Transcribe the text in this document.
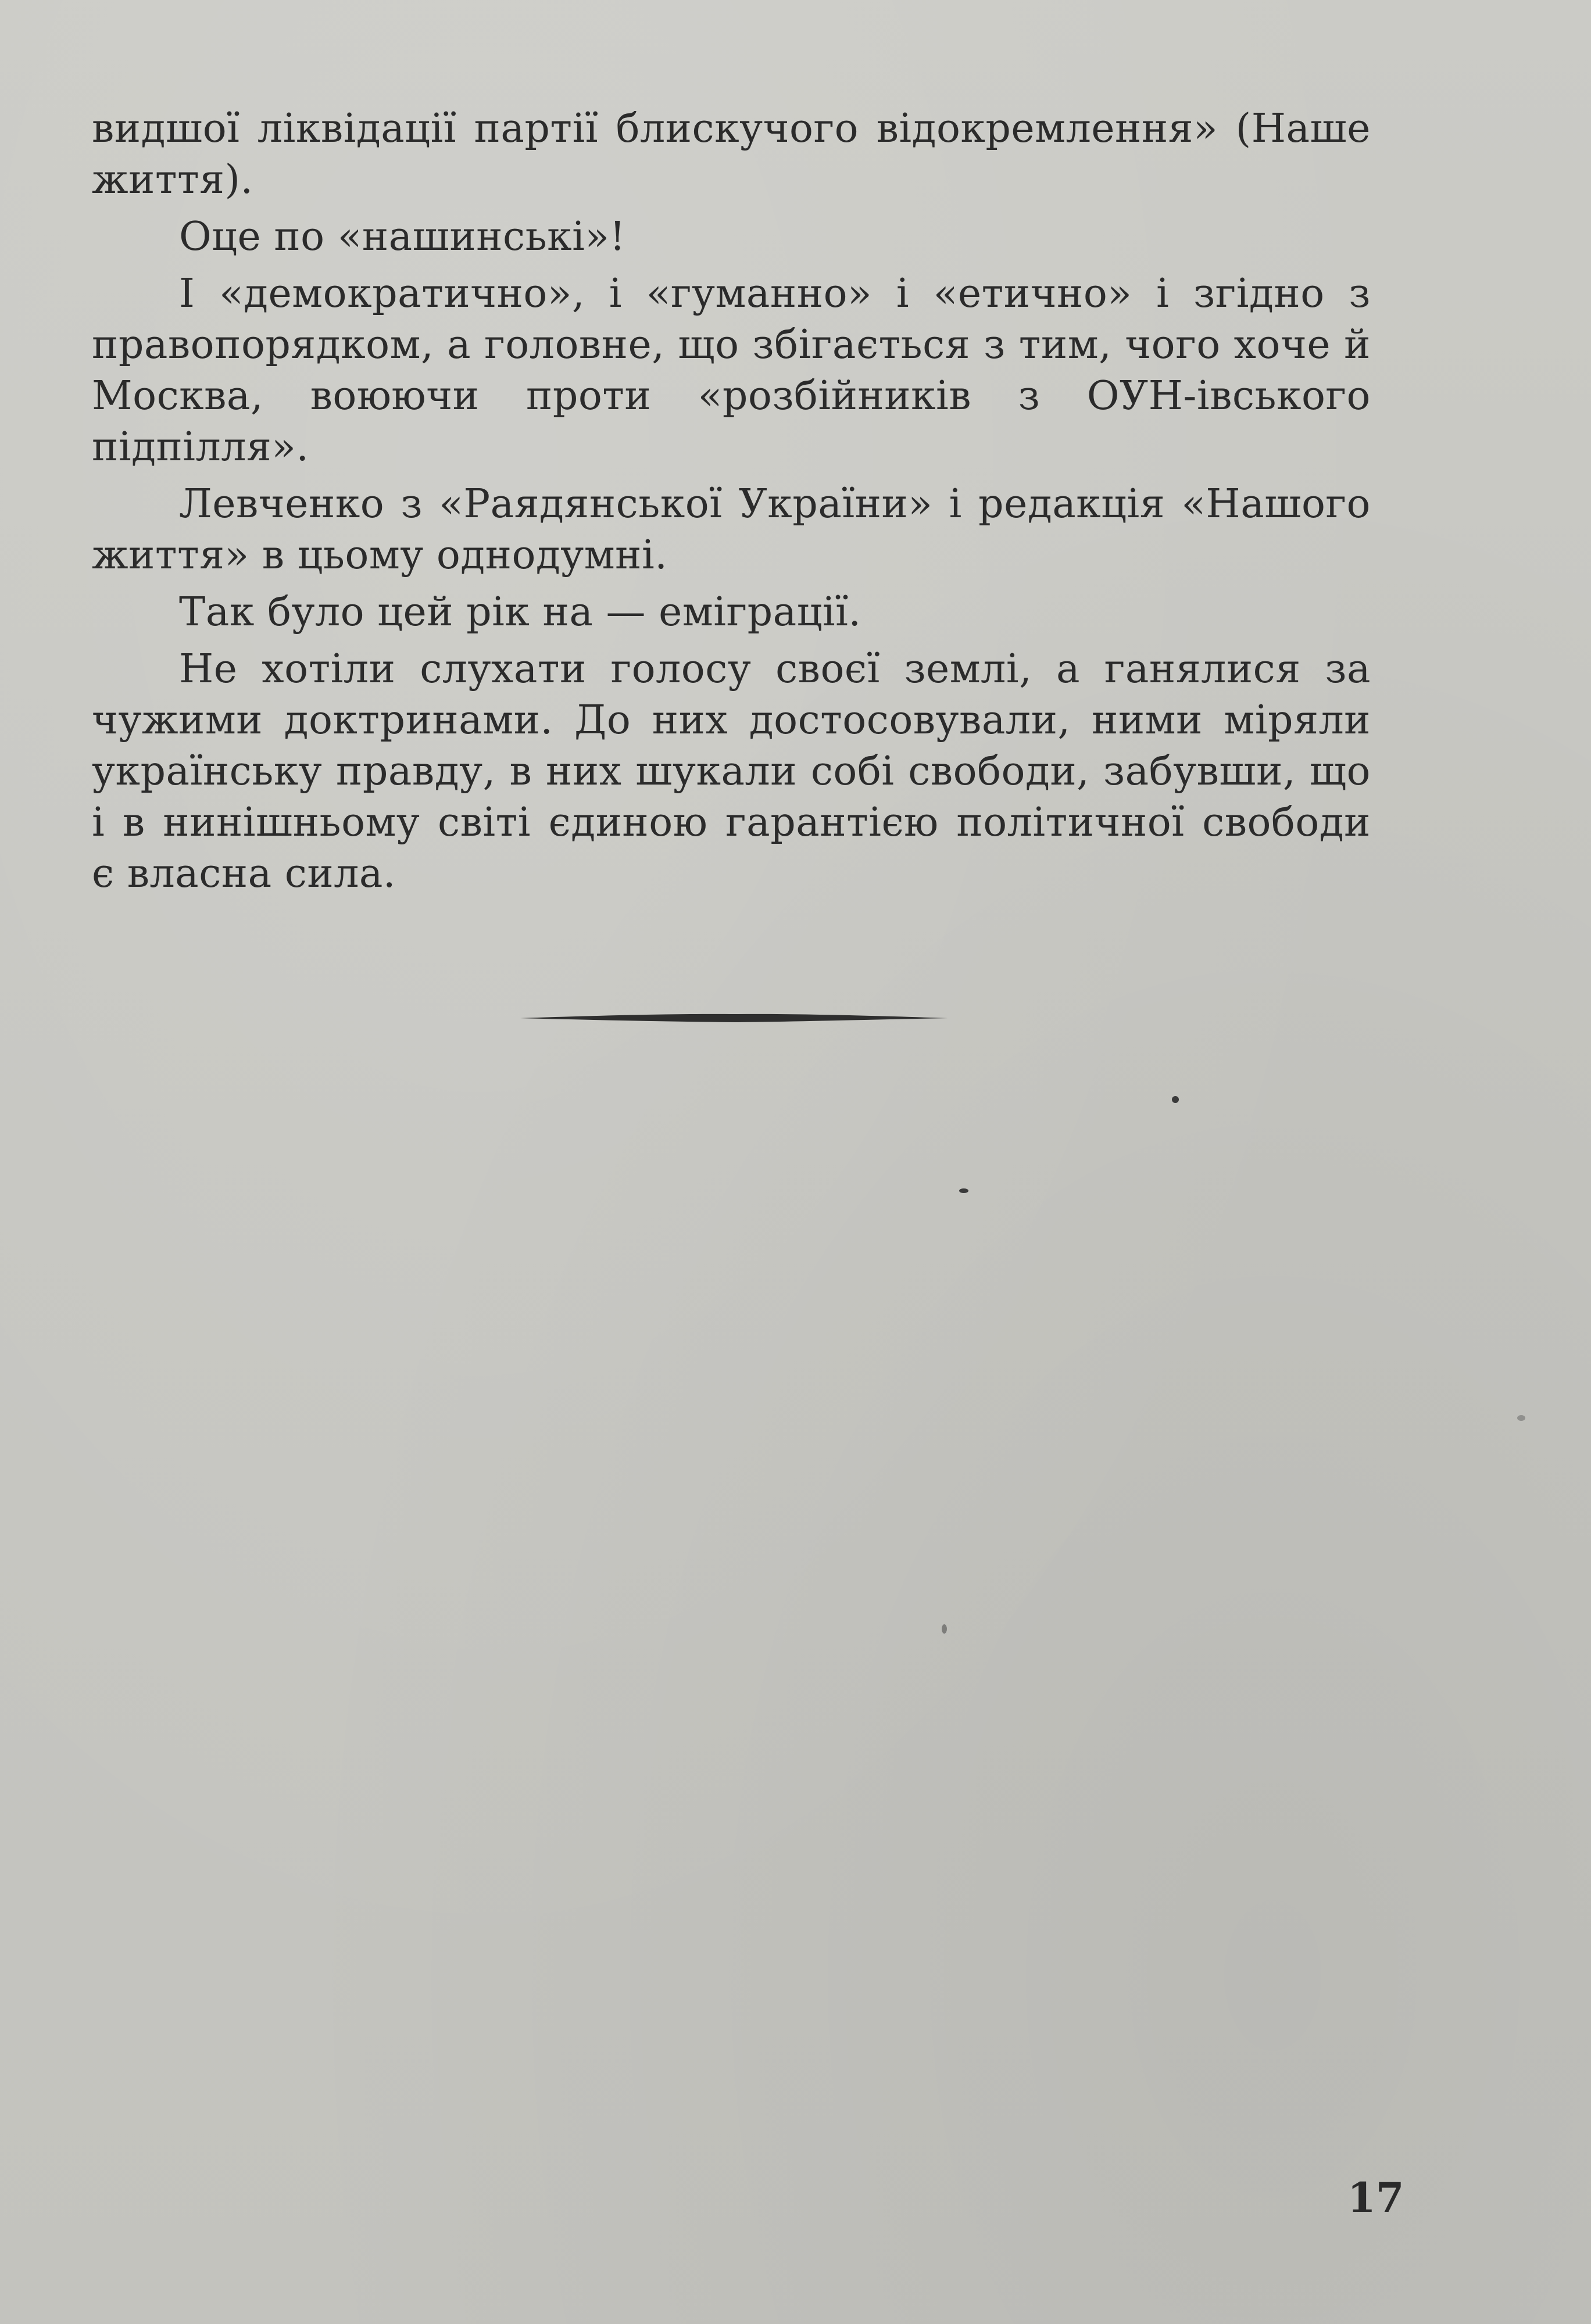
видшої ліквідації партії блискучого відокремлення» (Наше життя).

Оце по «нашинські»!

І «демократично», і «гуманно» і «етично» і згідно з правопорядком, а головне, що збігається з тим, чого хоче й Москва, воюючи проти «розбійників з ОУН-івського підпілля».

Левченко з «Раядянської України» і редакція «Нашого життя» в цьому однодумні.

Так було цей рік на — еміграції.

Не хотіли слухати голосу своєї землі, а ганялися за чужими доктринами. До них достосовували, ними міряли українську правду, в них шукали собі свободи, забувши, що і в нинішньому світі єдиною гарантією політичної свободи є власна сила.

17
